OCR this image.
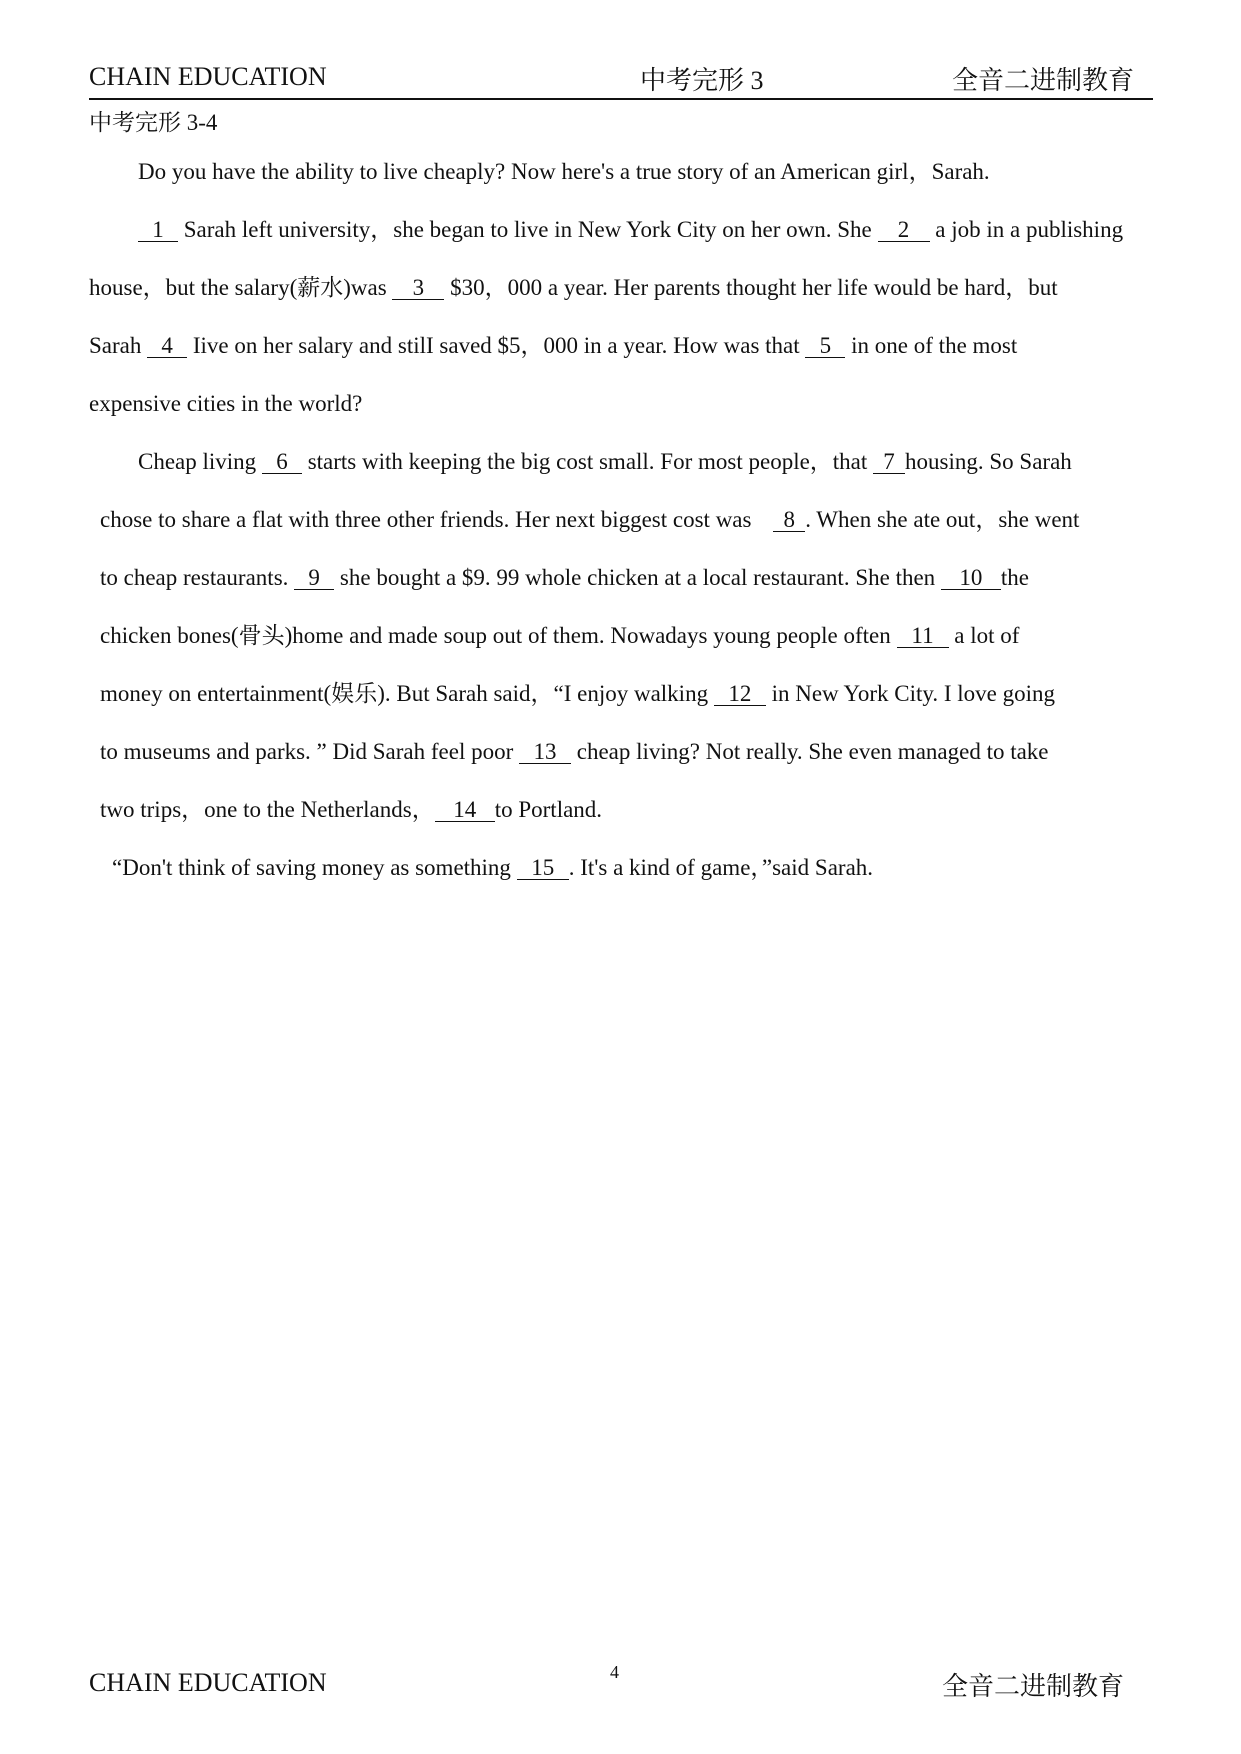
CHAIN EDUCATION	中考完形 3	全音二进制教育
中考完形 3-4
Do you have the ability to live cheaply? Now here's a true story of an American girl，Sarah.
1 Sarah left university，she began to live in New York City on her own. She 2 a job in a publishing
house，but the salary(薪水)was 3 $30，000 a year. Her parents thought her life would be hard，but
Sarah 4 Iive on her salary and stilI saved $5，000 in a year. How was that 5 in one of the most
expensive cities in the world?
Cheap living 6 starts with keeping the big cost small. For most people，that 7 housing. So Sarah
chose to share a flat with three other friends. Her next biggest cost was 8 . When she ate out，she went
to cheap restaurants. 9 she bought a $9. 99 whole chicken at a local restaurant. She then 10 the
chicken bones(骨头)home and made soup out of them. Nowadays young people often 11 a lot of
money on entertainment(娱乐). But Sarah said，“I enjoy walking 12 in New York City. I love going
to museums and parks. ” Did Sarah feel poor 13 cheap living? Not really. She even managed to take
two trips，one to the Netherlands， 14 to Portland.
“Don't think of saving money as something 15 . It's a kind of game，”said Sarah.
CHAIN EDUCATION	4	全音二进制教育
